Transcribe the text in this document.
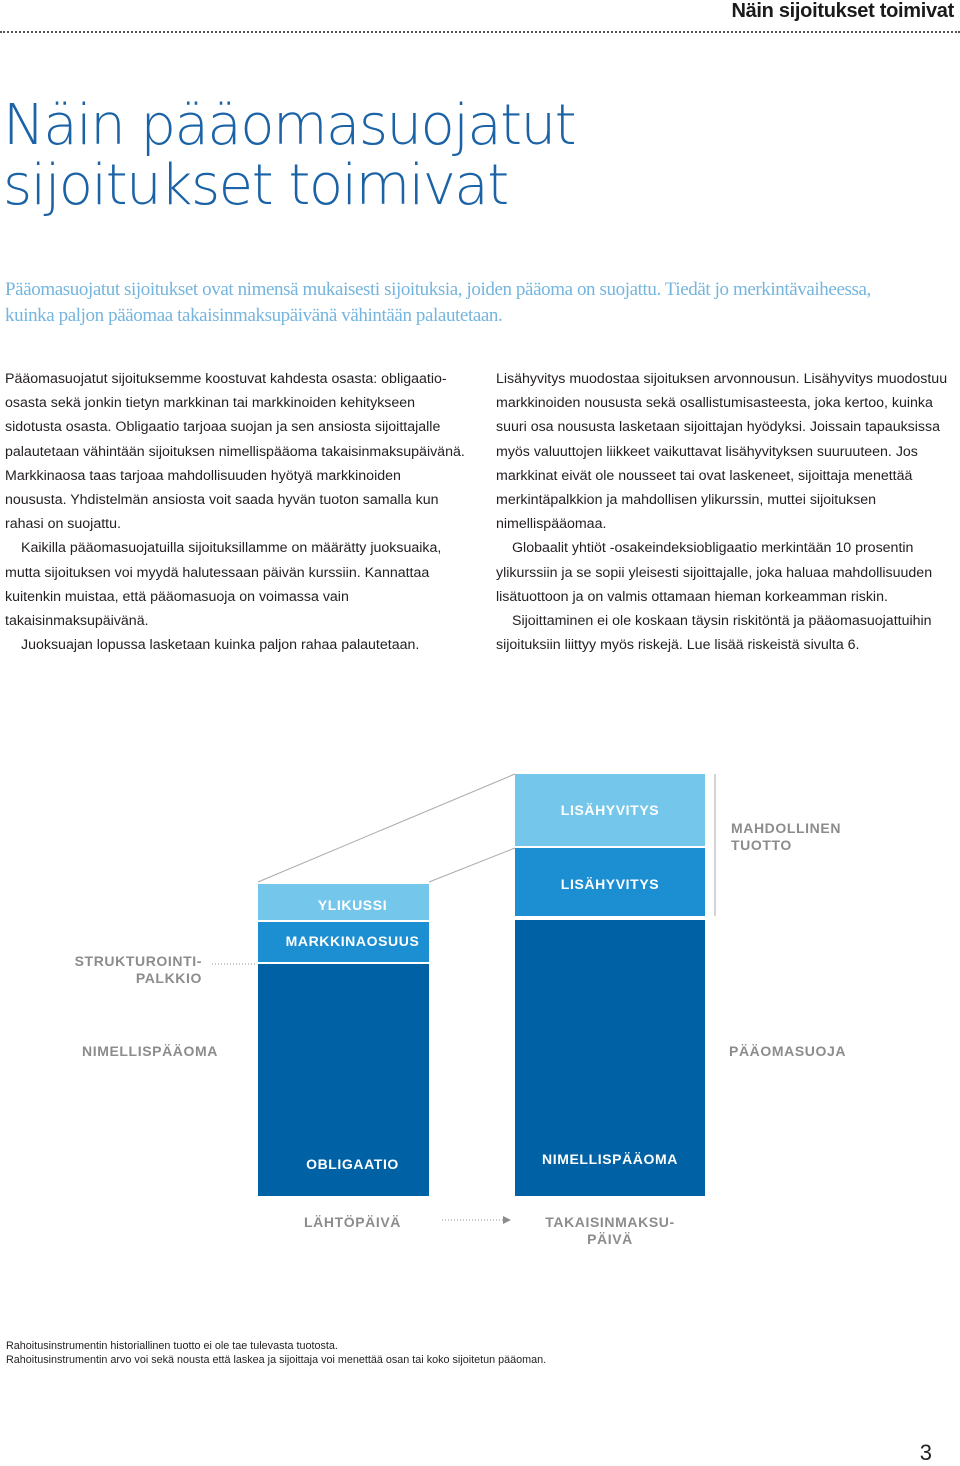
Näin sijoitukset toimivat
Näin pääomasuojatut
sijoitukset toimivat
Pääomasuojatut sijoitukset ovat nimensä mukaisesti sijoituksia, joiden pääoma on suojattu. Tiedät jo merkintävaiheessa, kuinka paljon pääomaa takaisinmaksupäivänä vähintään palautetaan.

Pääomasuojatut sijoituksemme koostuvat kahdesta osasta: obligaatio-osasta sekä jonkin tietyn markkinan tai markkinoiden kehitykseen sidotusta osasta. Obligaatio tarjoaa suojan ja sen ansiosta sijoittajalle palautetaan vähintään sijoituksen nimellispääoma takaisinmaksupäivänä. Markkinaosa taas tarjoaa mahdollisuuden hyötyä markkinoiden noususta. Yhdistelmän ansiosta voit saada hyvän tuoton samalla kun rahasi on suojattu.

Kaikilla pääomasuojatuilla sijoituksillamme on määrätty juoksuaika, mutta sijoituksen voi myydä halutessaan päivän kurssiin. Kannattaa kuitenkin muistaa, että pääomasuoja on voimassa vain takaisinmaksupäivänä.

Juoksuajan lopussa lasketaan kuinka paljon rahaa palautetaan.

Lisähyvitys muodostaa sijoituksen arvonnousun. Lisähyvitys muodostuu markkinoiden noususta sekä osallistumisasteesta, joka kertoo, kuinka suuri osa noususta lasketaan sijoittajan hyödyksi. Joissain tapauksissa myös valuuttojen liikkeet vaikuttavat lisähyvityksen suuruuteen. Jos markkinat eivät ole nousseet tai ovat laskeneet, sijoittaja menettää merkintäpalkkion ja mahdollisen ylikurssin, muttei sijoituksen nimellispääomaa.

Globaalit yhtiöt -osakeindeksiobligaatio merkintään 10 prosentin ylikurssiin ja se sopii yleisesti sijoittajalle, joka haluaa mahdollisuuden lisätuottoon ja on valmis ottamaan hieman korkeamman riskin.

Sijoittaminen ei ole koskaan täysin riskitöntä ja pääomasuojattuihin sijoituksiin liittyy myös riskejä. Lue lisää riskeistä sivulta 6.

LISÄHYVITYS
MAHDOLLINEN TUOTTO
YLIKUSSI
LISÄHYVITYS
MARKKINAOSUUS
STRUKTUROINTI-
PALKKIO
NIMELLISPÄÄOMA	PÄÄOMASUOJA
OBLIGAATIO	NIMELLISPÄÄOMA
LÄHTÖPÄIVÄ	TAKAISINMAKSU-
PÄIVÄ
Rahoitusinstrumentin historiallinen tuotto ei ole tae tulevasta tuotosta.
Rahoitusinstrumentin arvo voi sekä nousta että laskea ja sijoittaja voi menettää osan tai koko sijoitetun pääoman.
3
